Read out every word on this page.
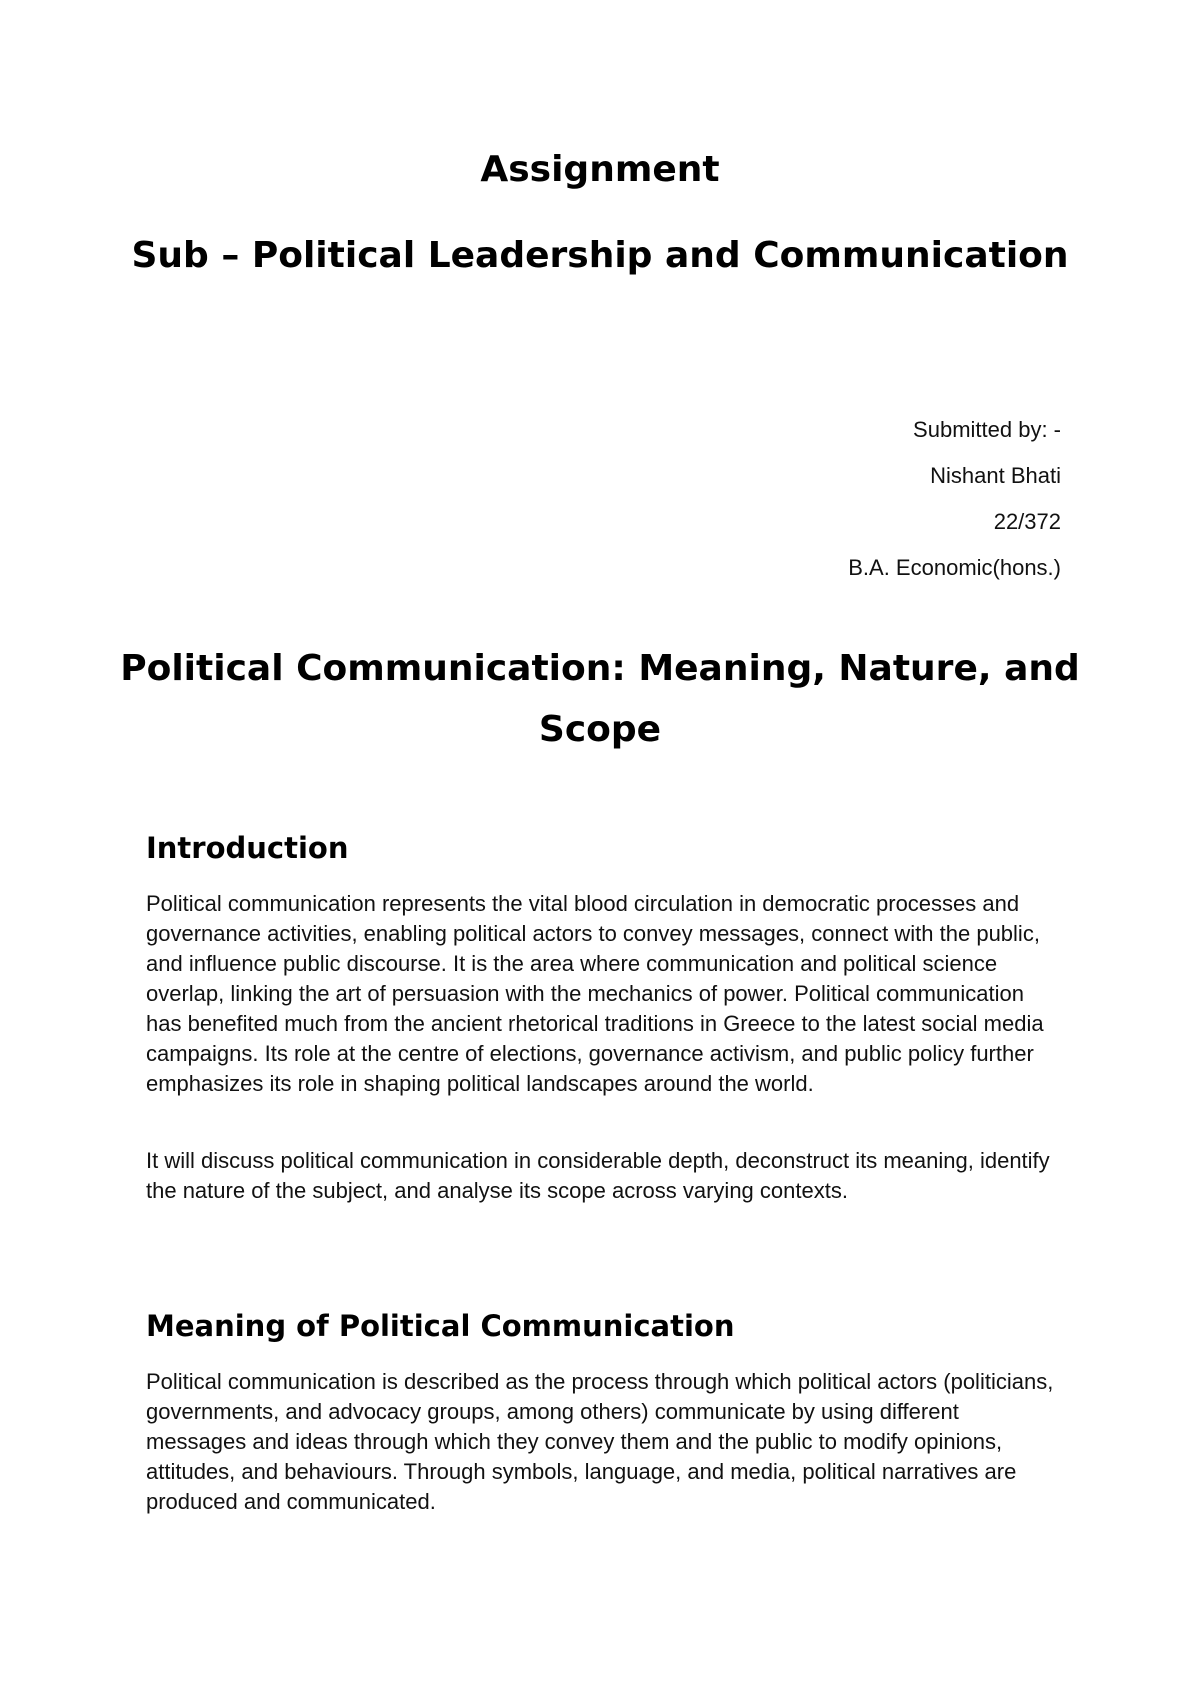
Assignment
Sub – Political Leadership and Communication
Submitted by: -
Nishant Bhati
22/372
B.A. Economic(hons.)
Political Communication: Meaning, Nature, and Scope
Introduction

Political communication represents the vital blood circulation in democratic processes and governance activities, enabling political actors to convey messages, connect with the public, and influence public discourse. It is the area where communication and political science overlap, linking the art of persuasion with the mechanics of power. Political communication has benefited much from the ancient rhetorical traditions in Greece to the latest social media campaigns. Its role at the centre of elections, governance activism, and public policy further emphasizes its role in shaping political landscapes around the world.

It will discuss political communication in considerable depth, deconstruct its meaning, identify the nature of the subject, and analyse its scope across varying contexts.

Meaning of Political Communication

Political communication is described as the process through which political actors (politicians, governments, and advocacy groups, among others) communicate by using different messages and ideas through which they convey them and the public to modify opinions, attitudes, and behaviours. Through symbols, language, and media, political narratives are produced and communicated.
